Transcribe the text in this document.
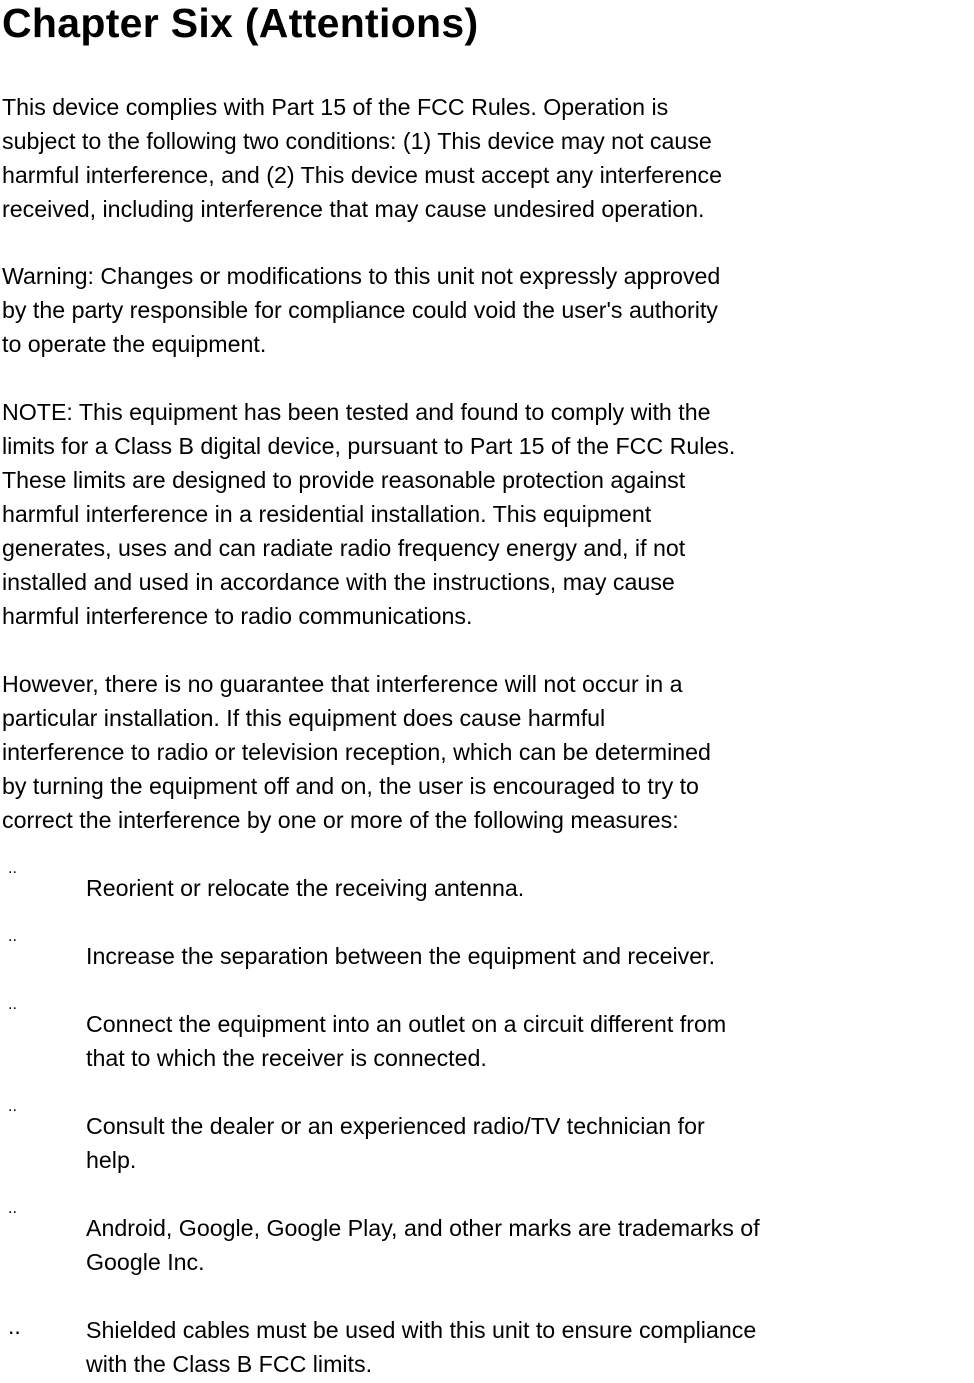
Chapter Six (Attentions)

This device complies with Part 15 of the FCC Rules. Operation is
subject to the following two conditions: (1) This device may not cause
harmful interference, and (2) This device must accept any interference
received, including interference that may cause undesired operation.

Warning: Changes or modifications to this unit not expressly approved
by the party responsible for compliance could void the user's authority
to operate the equipment.

NOTE: This equipment has been tested and found to comply with the
limits for a Class B digital device, pursuant to Part 15 of the FCC Rules.
These limits are designed to provide reasonable protection against
harmful interference in a residential installation. This equipment
generates, uses and can radiate radio frequency energy and, if not
installed and used in accordance with the instructions, may cause
harmful interference to radio communications.

However, there is no guarantee that interference will not occur in a
particular installation. If this equipment does cause harmful
interference to radio or television reception, which can be determined
by turning the equipment off and on, the user is encouraged to try to
correct the interference by one or more of the following measures:

..

Reorient or relocate the receiving antenna.

..

Increase the separation between the equipment and receiver.

..

Connect the equipment into an outlet on a circuit different from
that to which the receiver is connected.

..

Consult the dealer or an experienced radio/TV technician for
help.

..

Android, Google, Google Play, and other marks are trademarks of
Google Inc.

..	Shielded cables must be used with this unit to ensure compliance
with the Class B FCC limits.
